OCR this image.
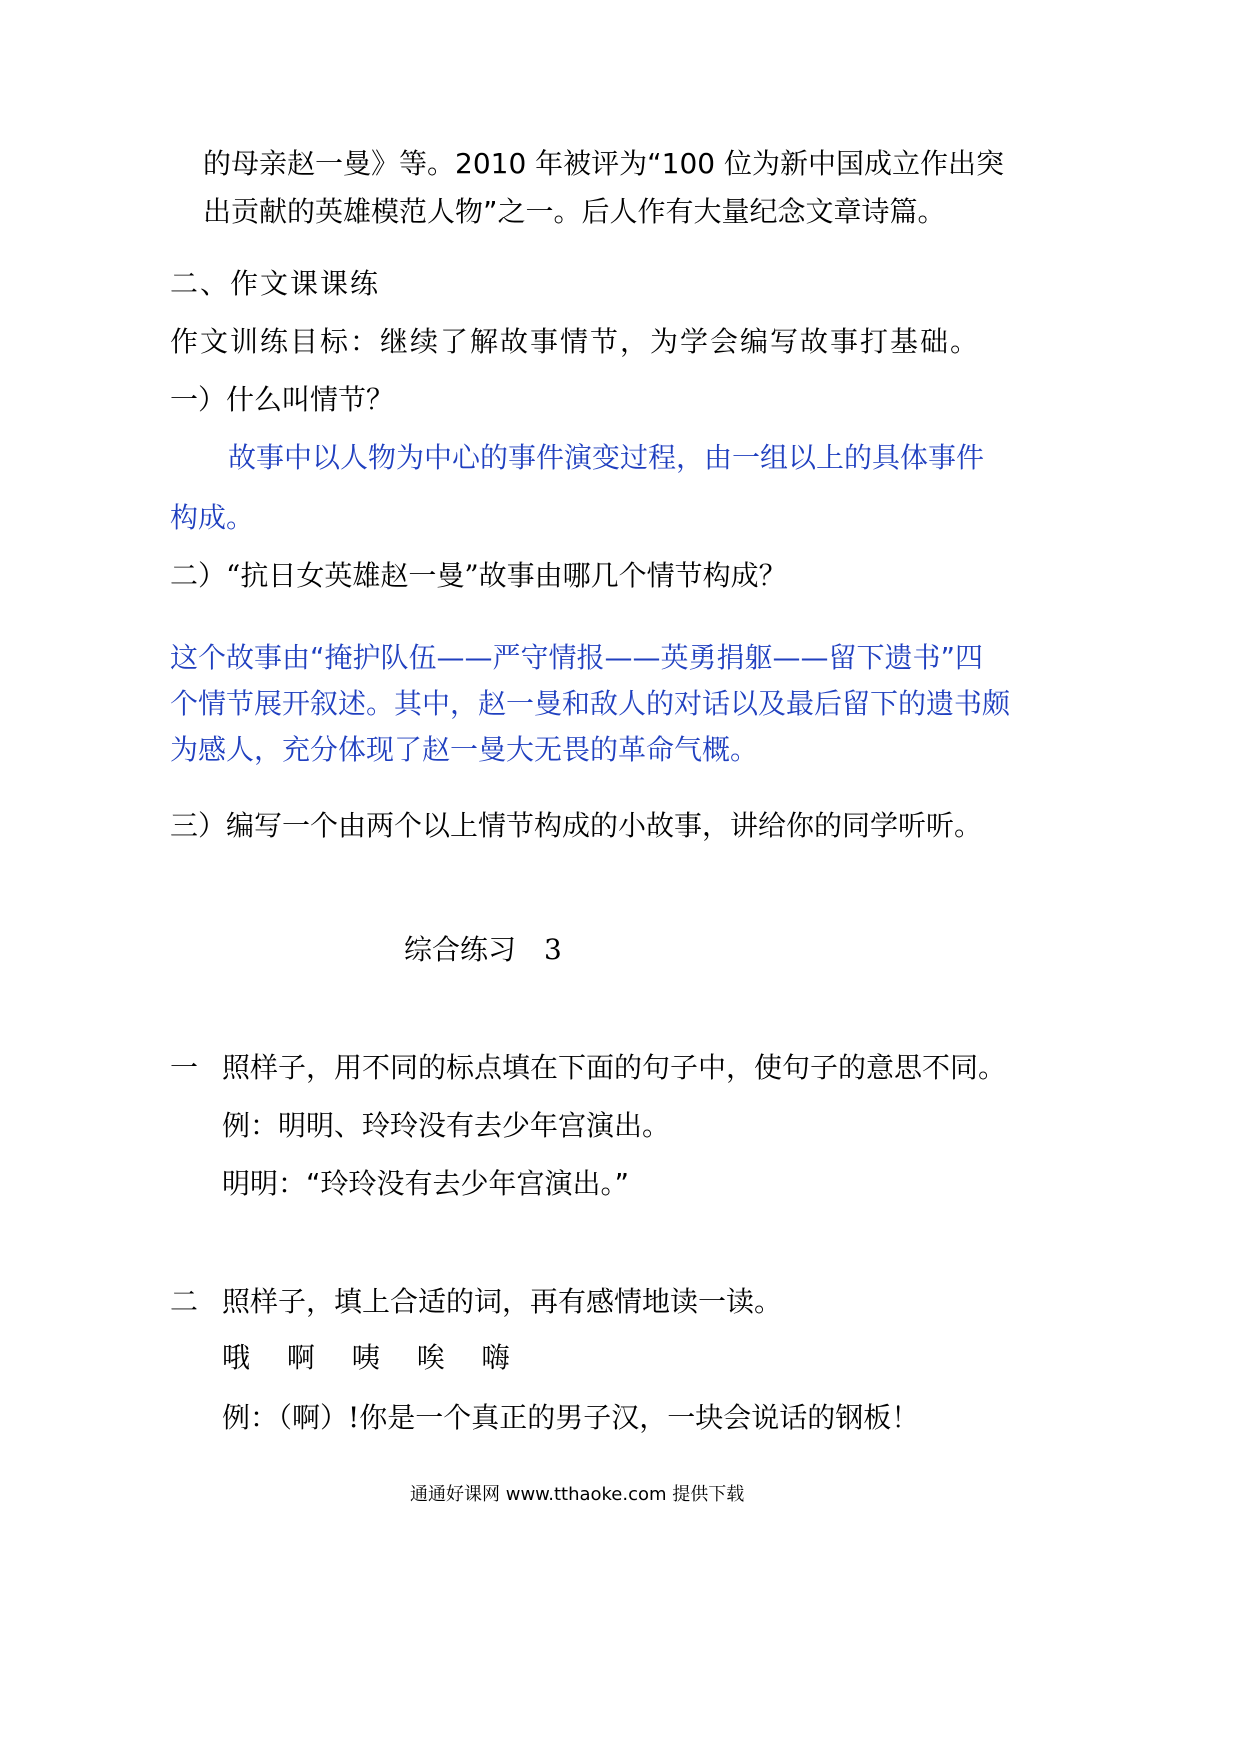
的母亲赵一曼》等。2010 年被评为“100 位为新中国成立作出突
出贡献的英雄模范人物”之一。后人作有大量纪念文章诗篇。
二、作文课课练
作文训练目标：继续了解故事情节，为学会编写故事打基础。
一）什么叫情节？
故事中以人物为中心的事件演变过程，由一组以上的具体事件
构成。
二）“抗日女英雄赵一曼”故事由哪几个情节构成？
这个故事由“掩护队伍——严守情报——英勇捐躯——留下遗书”四
个情节展开叙述。其中，赵一曼和敌人的对话以及最后留下的遗书颇
为感人，充分体现了赵一曼大无畏的革命气概。
三）编写一个由两个以上情节构成的小故事，讲给你的同学听听。
综合练习　3
一 照样子，用不同的标点填在下面的句子中，使句子的意思不同。
例：明明、玲玲没有去少年宫演出。
明明：“玲玲没有去少年宫演出。”
二 照样子，填上合适的词，再有感情地读一读。
哦　 啊　 咦　 唉　 嗨
例：（啊）!你是一个真正的男子汉，一块会说话的钢板！
通通好课网 www.tthaoke.com 提供下载
